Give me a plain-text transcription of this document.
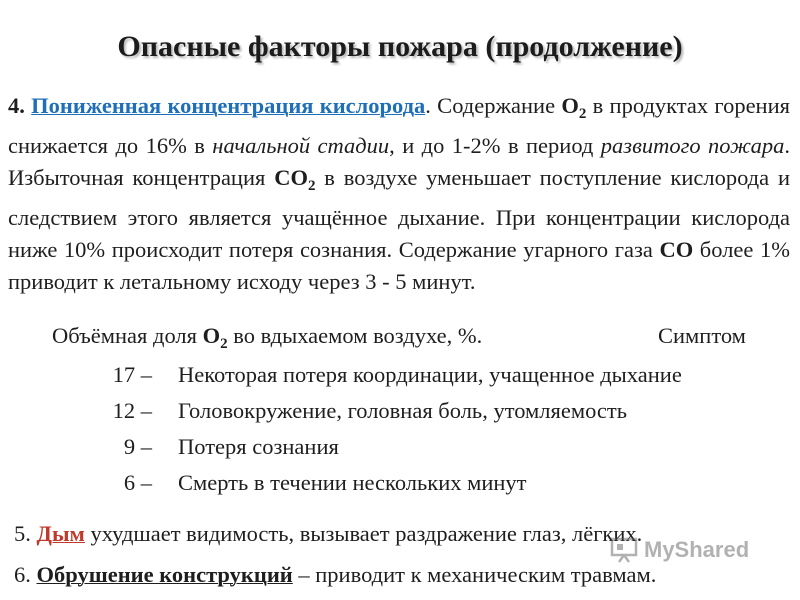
Опасные факторы пожара (продолжение)
4. Пониженная концентрация кислорода. Содержание $О_2$ в продуктах горения снижается до 16% в начальной стадии, и до 1-2% в период развитого пожара. Избыточная концентрация $СО_2$ в воздухе уменьшает поступление кислорода и следствием этого является учащённое дыхание. При концентрации кислорода ниже 10% происходит потеря сознания. Содержание угарного газа СО более 1% приводит к летальному исходу через 3 - 5 минут.
Объёмная доля $О_2$ во вдыхаемом воздухе, %.	Симптом
17 – Некоторая потеря координации, учащенное дыхание
12 – Головокружение, головная боль, утомляемость
9 – Потеря сознания
6 – Смерть в течении нескольких минут
5. Дым ухудшает видимость, вызывает раздражение глаз, лёгких.
6. Обрушение конструкций – приводит к механическим травмам.
MyShared
